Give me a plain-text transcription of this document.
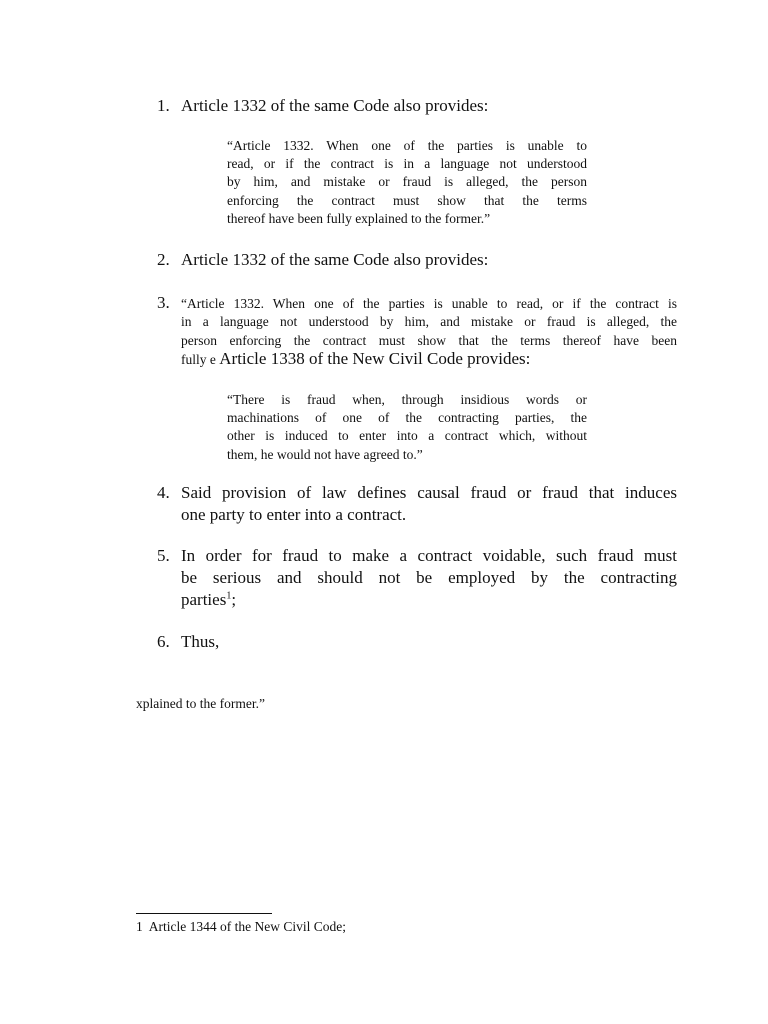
1. Article 1332 of the same Code also provides:
“Article 1332. When one of the parties is unable to
read, or if the contract is in a language not understood
by him, and mistake or fraud is alleged, the person
enforcing the contract must show that the terms
thereof have been fully explained to the former.”
2. Article 1332 of the same Code also provides:
3. “Article 1332. When one of the parties is unable to read, or if the contract is
in a language not understood by him, and mistake or fraud is alleged, the
person enforcing the contract must show that the terms thereof have been
fully e Article 1338 of the New Civil Code provides:
“There is fraud when, through insidious words or
machinations of one of the contracting parties, the
other is induced to enter into a contract which, without
them, he would not have agreed to.”
4. Said provision of law defines causal fraud or fraud that induces
one party to enter into a contract.
5. In order for fraud to make a contract voidable, such fraud must
be serious and should not be employed by the contracting
parties$^1$;
6. Thus,
xplained to the former.”
1 Article 1344 of the New Civil Code;
